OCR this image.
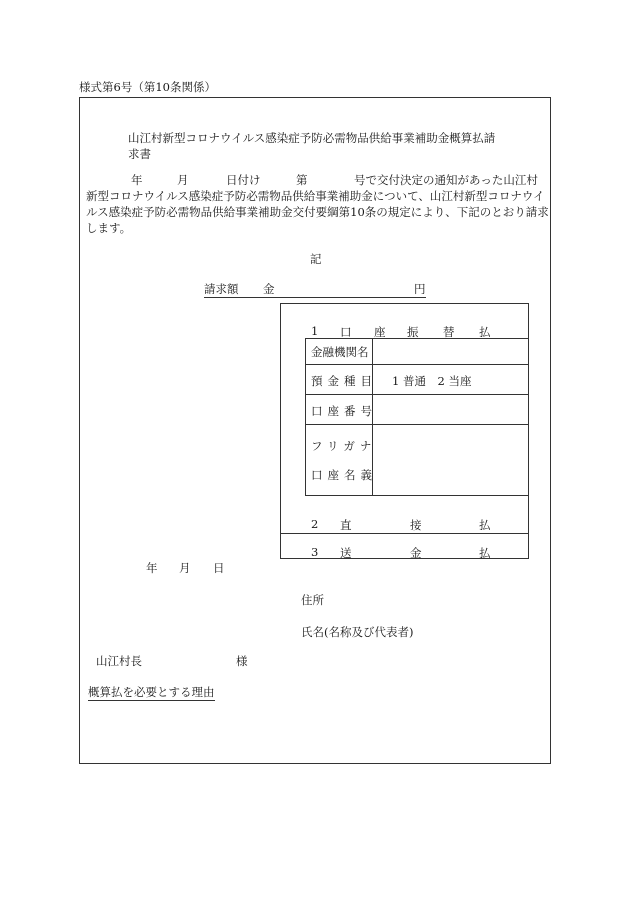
様式第6号（第10条関係）
山江村新型コロナウイルス感染症予防必需物品供給事業補助金概算払請
求書
年	月	日付け	第	号で交付決定の通知があった山江村
新型コロナウイルス感染症予防必需物品供給事業補助金について、山江村新型コロナウイ
ルス感染症予防必需物品供給事業補助金交付要綱第10条の規定により、下記のとおり請求
します。
記
請求額 金	円
1 口 座 振 替 払
金融機関名
預金種目 1 普通　2 当座
口座番号
フリガナ
口座名義
2 直	接	払
3 送	金	払
年 月 日
住所
氏名(名称及び代表者)
山江村長	様
概算払を必要とする理由
